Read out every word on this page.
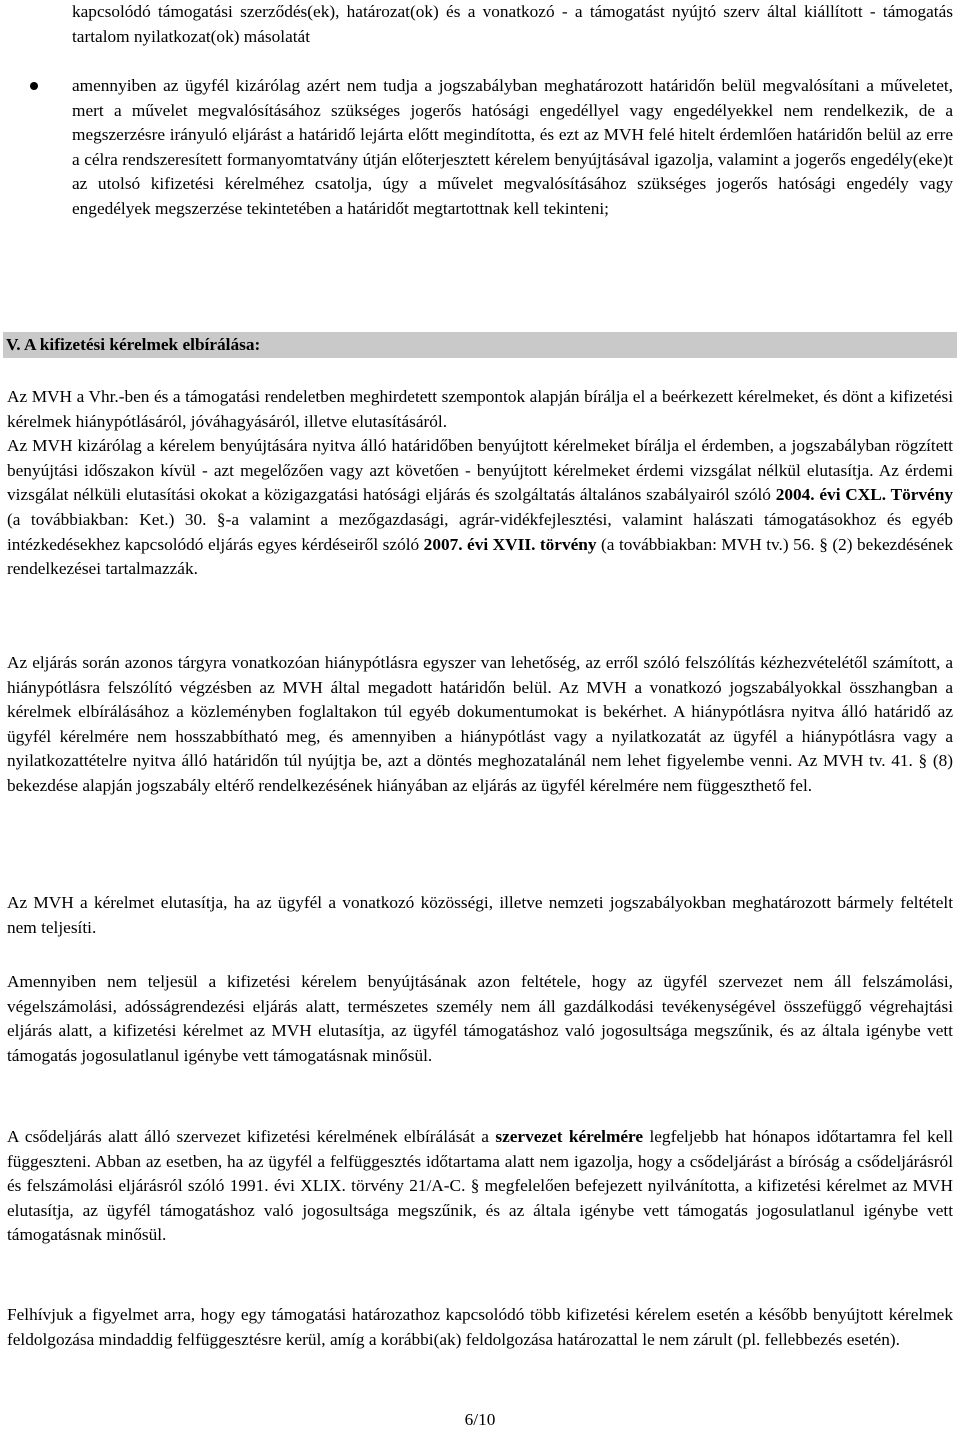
kapcsolódó támogatási szerződés(ek), határozat(ok) és a vonatkozó - a támogatást nyújtó szerv által kiállított - támogatás tartalom nyilatkozat(ok) másolatát
amennyiben az ügyfél kizárólag azért nem tudja a jogszabályban meghatározott határidőn belül megvalósítani a műveletet, mert a művelet megvalósításához szükséges jogerős hatósági engedéllyel vagy engedélyekkel nem rendelkezik, de a megszerzésre irányuló eljárást a határidő lejárta előtt megindította, és ezt az MVH felé hitelt érdemlően határidőn belül az erre a célra rendszeresített formanyomtatvány útján előterjesztett kérelem benyújtásával igazolja, valamint a jogerős engedély(eke)t az utolsó kifizetési kérelméhez csatolja, úgy a művelet megvalósításához szükséges jogerős hatósági engedély vagy engedélyek megszerzése tekintetében a határidőt megtartottnak kell tekinteni;
V. A kifizetési kérelmek elbírálása:
Az MVH a Vhr.-ben és a támogatási rendeletben meghirdetett szempontok alapján bírálja el a beérkezett kérelmeket, és dönt a kifizetési kérelmek hiánypótlásáról, jóváhagyásáról, illetve elutasításáról.
Az MVH kizárólag a kérelem benyújtására nyitva álló határidőben benyújtott kérelmeket bírálja el érdemben, a jogszabályban rögzített benyújtási időszakon kívül - azt megelőzően vagy azt követően - benyújtott kérelmeket érdemi vizsgálat nélkül elutasítja. Az érdemi vizsgálat nélküli elutasítási okokat a közigazgatási hatósági eljárás és szolgáltatás általános szabályairól szóló 2004. évi CXL. Törvény (a továbbiakban: Ket.) 30. §-a valamint a mezőgazdasági, agrár-vidékfejlesztési, valamint halászati támogatásokhoz és egyéb intézkedésekhez kapcsolódó eljárás egyes kérdéseiről szóló 2007. évi XVII. törvény (a továbbiakban: MVH tv.) 56. § (2) bekezdésének rendelkezései tartalmazzák.
Az eljárás során azonos tárgyra vonatkozóan hiánypótlásra egyszer van lehetőség, az erről szóló felszólítás kézhezvételétől számított, a hiánypótlásra felszólító végzésben az MVH által megadott határidőn belül. Az MVH a vonatkozó jogszabályokkal összhangban a kérelmek elbírálásához a közleményben foglaltakon túl egyéb dokumentumokat is bekérhet. A hiánypótlásra nyitva álló határidő az ügyfél kérelmére nem hosszabbítható meg, és amennyiben a hiánypótlást vagy a nyilatkozatát az ügyfél a hiánypótlásra vagy a nyilatkozattételre nyitva álló határidőn túl nyújtja be, azt a döntés meghozatalánál nem lehet figyelembe venni. Az MVH tv. 41. § (8) bekezdése alapján jogszabály eltérő rendelkezésének hiányában az eljárás az ügyfél kérelmére nem függeszthető fel.
Az MVH a kérelmet elutasítja, ha az ügyfél a vonatkozó közösségi, illetve nemzeti jogszabályokban meghatározott bármely feltételt nem teljesíti.
Amennyiben nem teljesül a kifizetési kérelem benyújtásának azon feltétele, hogy az ügyfél szervezet nem áll felszámolási, végelszámolási, adósságrendezési eljárás alatt, természetes személy nem áll gazdálkodási tevékenységével összefüggő végrehajtási eljárás alatt, a kifizetési kérelmet az MVH elutasítja, az ügyfél támogatáshoz való jogosultsága megszűnik, és az általa igénybe vett támogatás jogosulatlanul igénybe vett támogatásnak minősül.
A csődeljárás alatt álló szervezet kifizetési kérelmének elbírálását a szervezet kérelmére legfeljebb hat hónapos időtartamra fel kell függeszteni. Abban az esetben, ha az ügyfél a felfüggesztés időtartama alatt nem igazolja, hogy a csődeljárást a bíróság a csődeljárásról és felszámolási eljárásról szóló 1991. évi XLIX. törvény 21/A-C. § megfelelően befejezett nyilvánította, a kifizetési kérelmet az MVH elutasítja, az ügyfél támogatáshoz való jogosultsága megszűnik, és az általa igénybe vett támogatás jogosulatlanul igénybe vett támogatásnak minősül.
Felhívjuk a figyelmet arra, hogy egy támogatási határozathoz kapcsolódó több kifizetési kérelem esetén a később benyújtott kérelmek feldolgozása mindaddig felfüggesztésre kerül, amíg a korábbi(ak) feldolgozása határozattal le nem zárult (pl. fellebbezés esetén).
6/10
